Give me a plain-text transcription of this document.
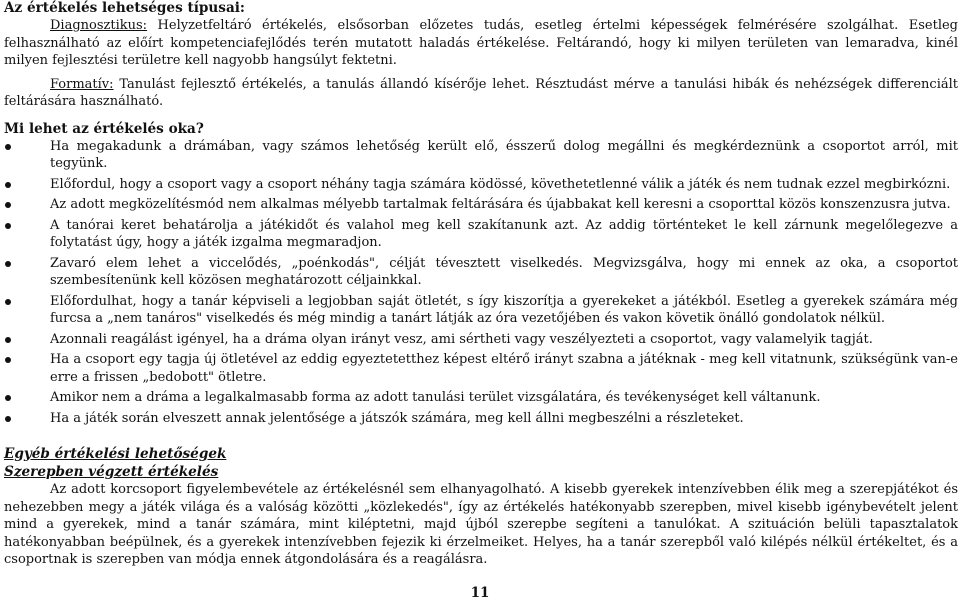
Az értékelés lehetséges típusai:

Diagnosztikus: Helyzetfeltáró értékelés, elsősorban előzetes tudás, esetleg értelmi képességek felmérésére szolgálhat. Esetleg felhasználható az előírt kompetenciafejlődés terén mutatott haladás értékelése. Feltárandó, hogy ki milyen területen van lemaradva, kinél milyen fejlesztési területre kell nagyobb hangsúlyt fektetni.

Formatív: Tanulást fejlesztő értékelés, a tanulás állandó kísérője lehet. Résztudást mérve a tanulási hibák és nehézségek differenciált feltárására használható.

Mi lehet az értékelés oka?

Ha megakadunk a drámában, vagy számos lehetőség került elő, ésszerű dolog megállni és megkérdeznünk a csoportot arról, mit tegyünk.
Előfordul, hogy a csoport vagy a csoport néhány tagja számára ködössé, követhetetlenné válik a játék és nem tudnak ezzel megbirkózni.
Az adott megközelítésmód nem alkalmas mélyebb tartalmak feltárására és újabbakat kell keresni a csoporttal közös konszenzusra jutva.
A tanórai keret behatárolja a játékidőt és valahol meg kell szakítanunk azt. Az addig történteket le kell zárnunk megelőlegezve a folytatást úgy, hogy a játék izgalma megmaradjon.
Zavaró elem lehet a viccelődés, „poénkodás", célját tévesztett viselkedés. Megvizsgálva, hogy mi ennek az oka, a csoportot szembesítenünk kell közösen meghatározott céljainkkal.
Előfordulhat, hogy a tanár képviseli a legjobban saját ötletét, s így kiszorítja a gyerekeket a játékból. Esetleg a gyerekek számára még furcsa a „nem tanáros" viselkedés és még mindig a tanárt látják az óra vezetőjében és vakon követik önálló gondolatok nélkül.
Azonnali reagálást igényel, ha a dráma olyan irányt vesz, ami sértheti vagy veszélyezteti a csoportot, vagy valamelyik tagját.
Ha a csoport egy tagja új ötletével az eddig egyeztetetthez képest eltérő irányt szabna a játéknak - meg kell vitatnunk, szükségünk van-e erre a frissen „bedobott" ötletre.
Amikor nem a dráma a legalkalmasabb forma az adott tanulási terület vizsgálatára, és tevékenységet kell váltanunk.
Ha a játék során elveszett annak jelentősége a játszók számára, meg kell állni megbeszélni a részleteket.

Egyéb értékelési lehetőségek

Szerepben végzett értékelés

Az adott korcsoport figyelembevétele az értékelésnél sem elhanyagolható. A kisebb gyerekek intenzívebben élik meg a szerepjátékot és nehezebben megy a játék világa és a valóság közötti „közlekedés", így az értékelés hatékonyabb szerepben, mivel kisebb igénybevételt jelent mind a gyerekek, mind a tanár számára, mint kiléptetni, majd újból szerepbe segíteni a tanulókat. A szituáción belüli tapasztalatok hatékonyabban beépülnek, és a gyerekek intenzívebben fejezik ki érzelmeiket. Helyes, ha a tanár szerepből való kilépés nélkül értékeltet, és a csoportnak is szerepben van módja ennek átgondolására és a reagálásra.

11
